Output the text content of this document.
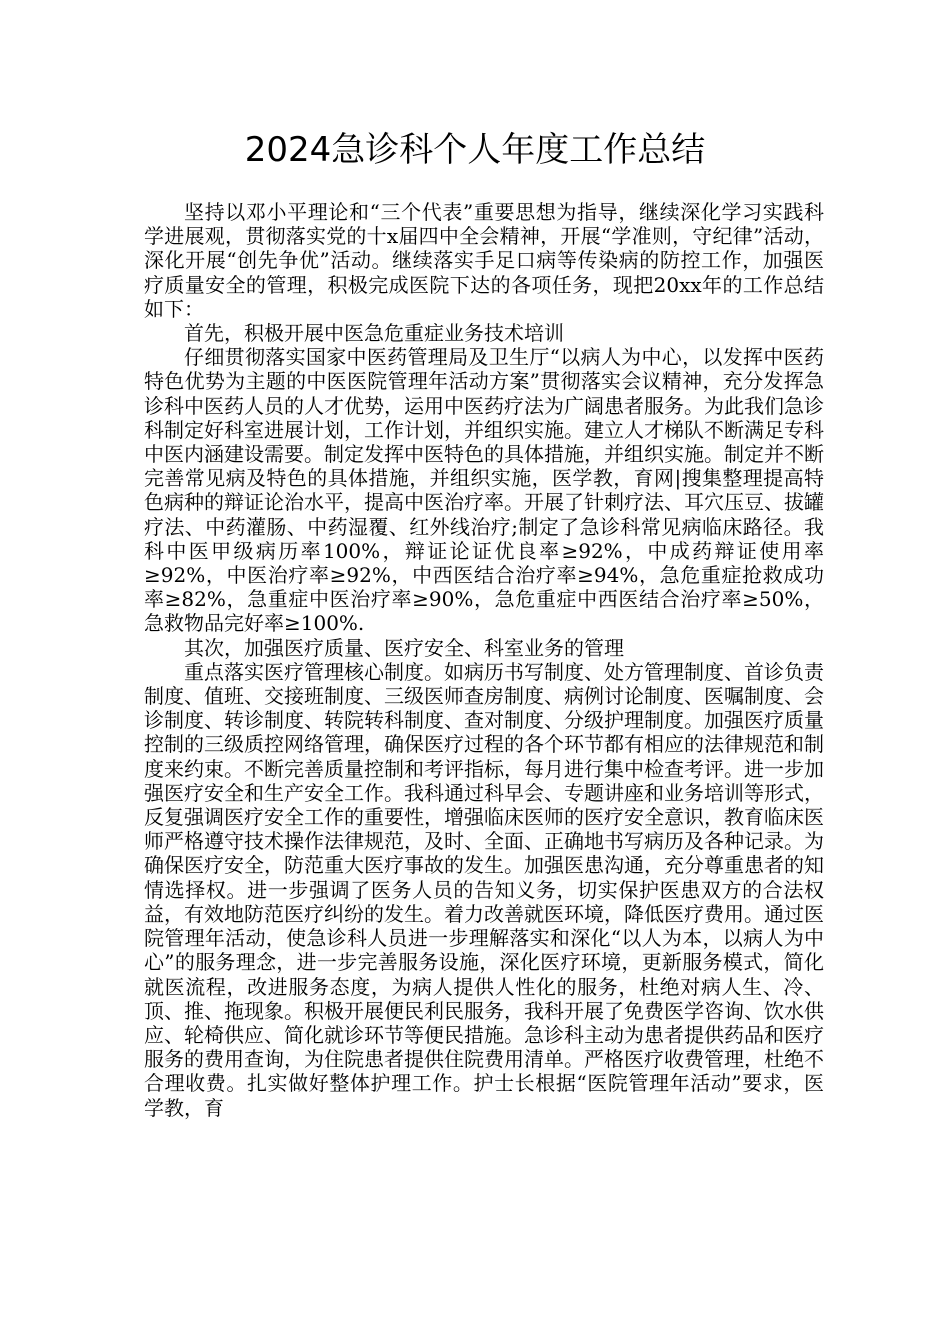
2024急诊科个人年度工作总结

坚持以邓小平理论和“三个代表”重要思想为指导，继续深化学习实践科学进展观，贯彻落实党的十x届四中全会精神，开展“学准则，守纪律”活动，深化开展“创先争优”活动。继续落实手足口病等传染病的防控工作，加强医疗质量安全的管理，积极完成医院下达的各项任务，现把20xx年的工作总结如下：

首先，积极开展中医急危重症业务技术培训

仔细贯彻落实国家中医药管理局及卫生厅“以病人为中心，以发挥中医药特色优势为主题的中医医院管理年活动方案”贯彻落实会议精神，充分发挥急诊科中医药人员的人才优势，运用中医药疗法为广阔患者服务。为此我们急诊科制定好科室进展计划，工作计划，并组织实施。建立人才梯队不断满足专科中医内涵建设需要。制定发挥中医特色的具体措施，并组织实施。制定并不断完善常见病及特色的具体措施，并组织实施，医学教，育网|搜集整理提高特色病种的辩证论治水平，提高中医治疗率。开展了针刺疗法、耳穴压豆、拔罐疗法、中药灌肠、中药湿覆、红外线治疗;制定了急诊科常见病临床路径。我科中医甲级病历率100%，辩证论证优良率≥92%，中成药辩证使用率≥92%，中医治疗率≥92%，中西医结合治疗率≥94%，急危重症抢救成功率≥82%，急重症中医治疗率≥90%，急危重症中西医结合治疗率≥50%，急救物品完好率≥100%.

其次，加强医疗质量、医疗安全、科室业务的管理

重点落实医疗管理核心制度。如病历书写制度、处方管理制度、首诊负责制度、值班、交接班制度、三级医师查房制度、病例讨论制度、医嘱制度、会诊制度、转诊制度、转院转科制度、查对制度、分级护理制度。加强医疗质量控制的三级质控网络管理，确保医疗过程的各个环节都有相应的法律规范和制度来约束。不断完善质量控制和考评指标，每月进行集中检查考评。进一步加强医疗安全和生产安全工作。我科通过科早会、专题讲座和业务培训等形式，反复强调医疗安全工作的重要性，增强临床医师的医疗安全意识，教育临床医师严格遵守技术操作法律规范，及时、全面、正确地书写病历及各种记录。为确保医疗安全，防范重大医疗事故的发生。加强医患沟通，充分尊重患者的知情选择权。进一步强调了医务人员的告知义务，切实保护医患双方的合法权益，有效地防范医疗纠纷的发生。着力改善就医环境，降低医疗费用。通过医院管理年活动，使急诊科人员进一步理解落实和深化“以人为本，以病人为中心”的服务理念，进一步完善服务设施，深化医疗环境，更新服务模式，简化就医流程，改进服务态度，为病人提供人性化的服务，杜绝对病人生、冷、顶、推、拖现象。积极开展便民利民服务，我科开展了免费医学咨询、饮水供应、轮椅供应、简化就诊环节等便民措施。急诊科主动为患者提供药品和医疗服务的费用查询，为住院患者提供住院费用清单。严格医疗收费管理，杜绝不合理收费。扎实做好整体护理工作。护士长根据“医院管理年活动”要求，医学教，育
